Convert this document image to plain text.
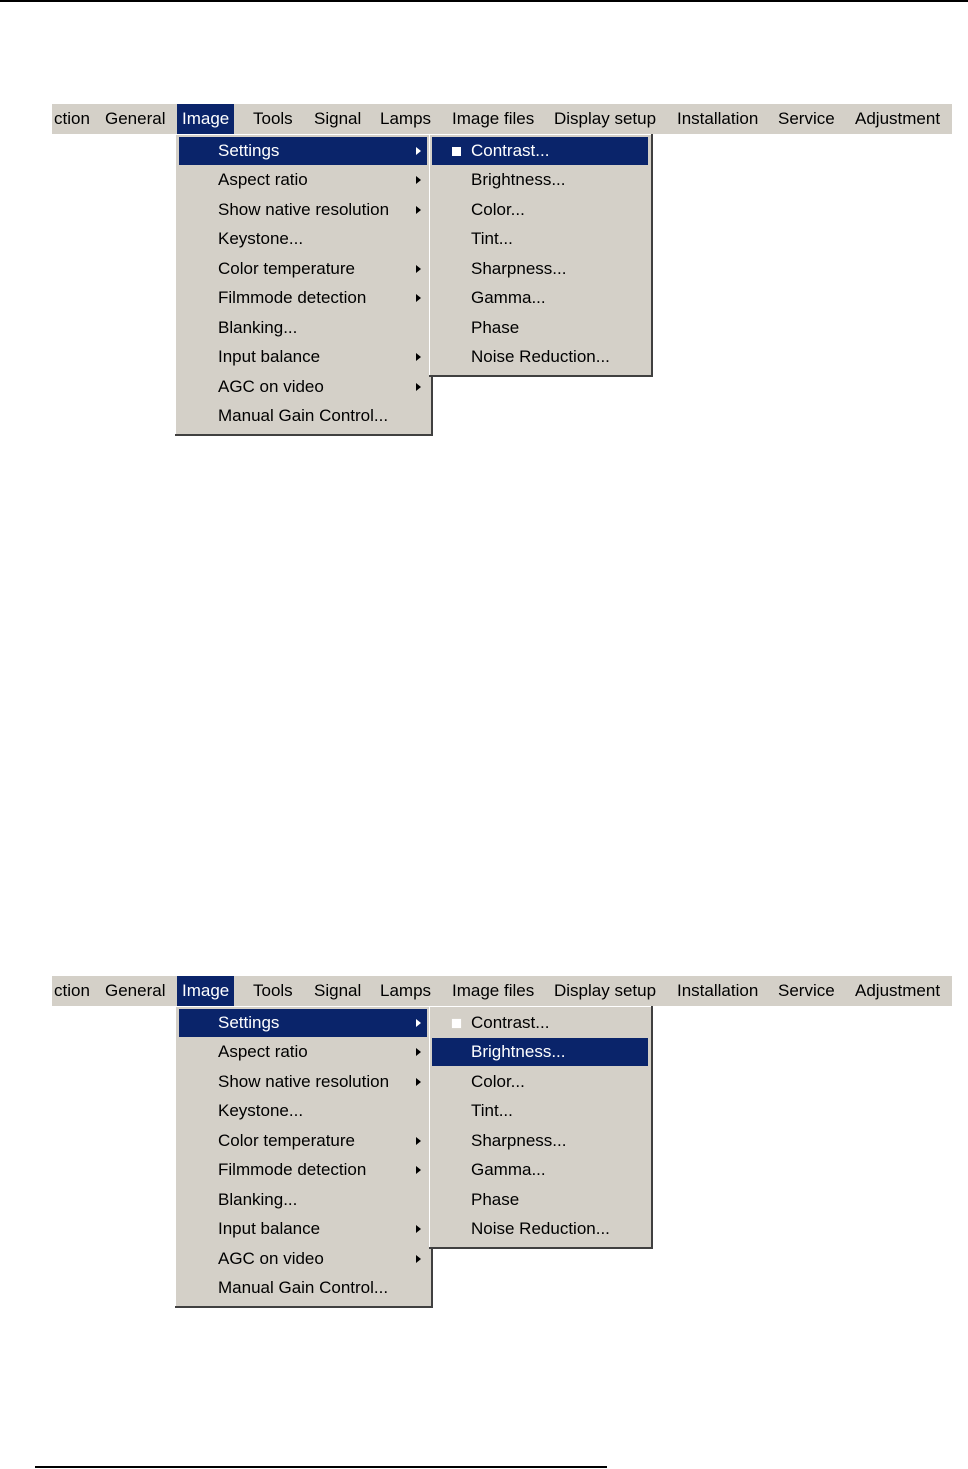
ction General Image Tools Signal Lamps Image files Display setup Installation Service Adjustment
Settings
Aspect ratio
Show native resolution
Keystone...
Color temperature
Filmmode detection
Blanking...
Input balance
AGC on video
Manual Gain Control...
Contrast...
Brightness...
Color...
Tint...
Sharpness...
Gamma...
Phase
Noise Reduction...
ction General Image Tools Signal Lamps Image files Display setup Installation Service Adjustment
Settings
Aspect ratio
Show native resolution
Keystone...
Color temperature
Filmmode detection
Blanking...
Input balance
AGC on video
Manual Gain Control...
Contrast...
Brightness...
Color...
Tint...
Sharpness...
Gamma...
Phase
Noise Reduction...
